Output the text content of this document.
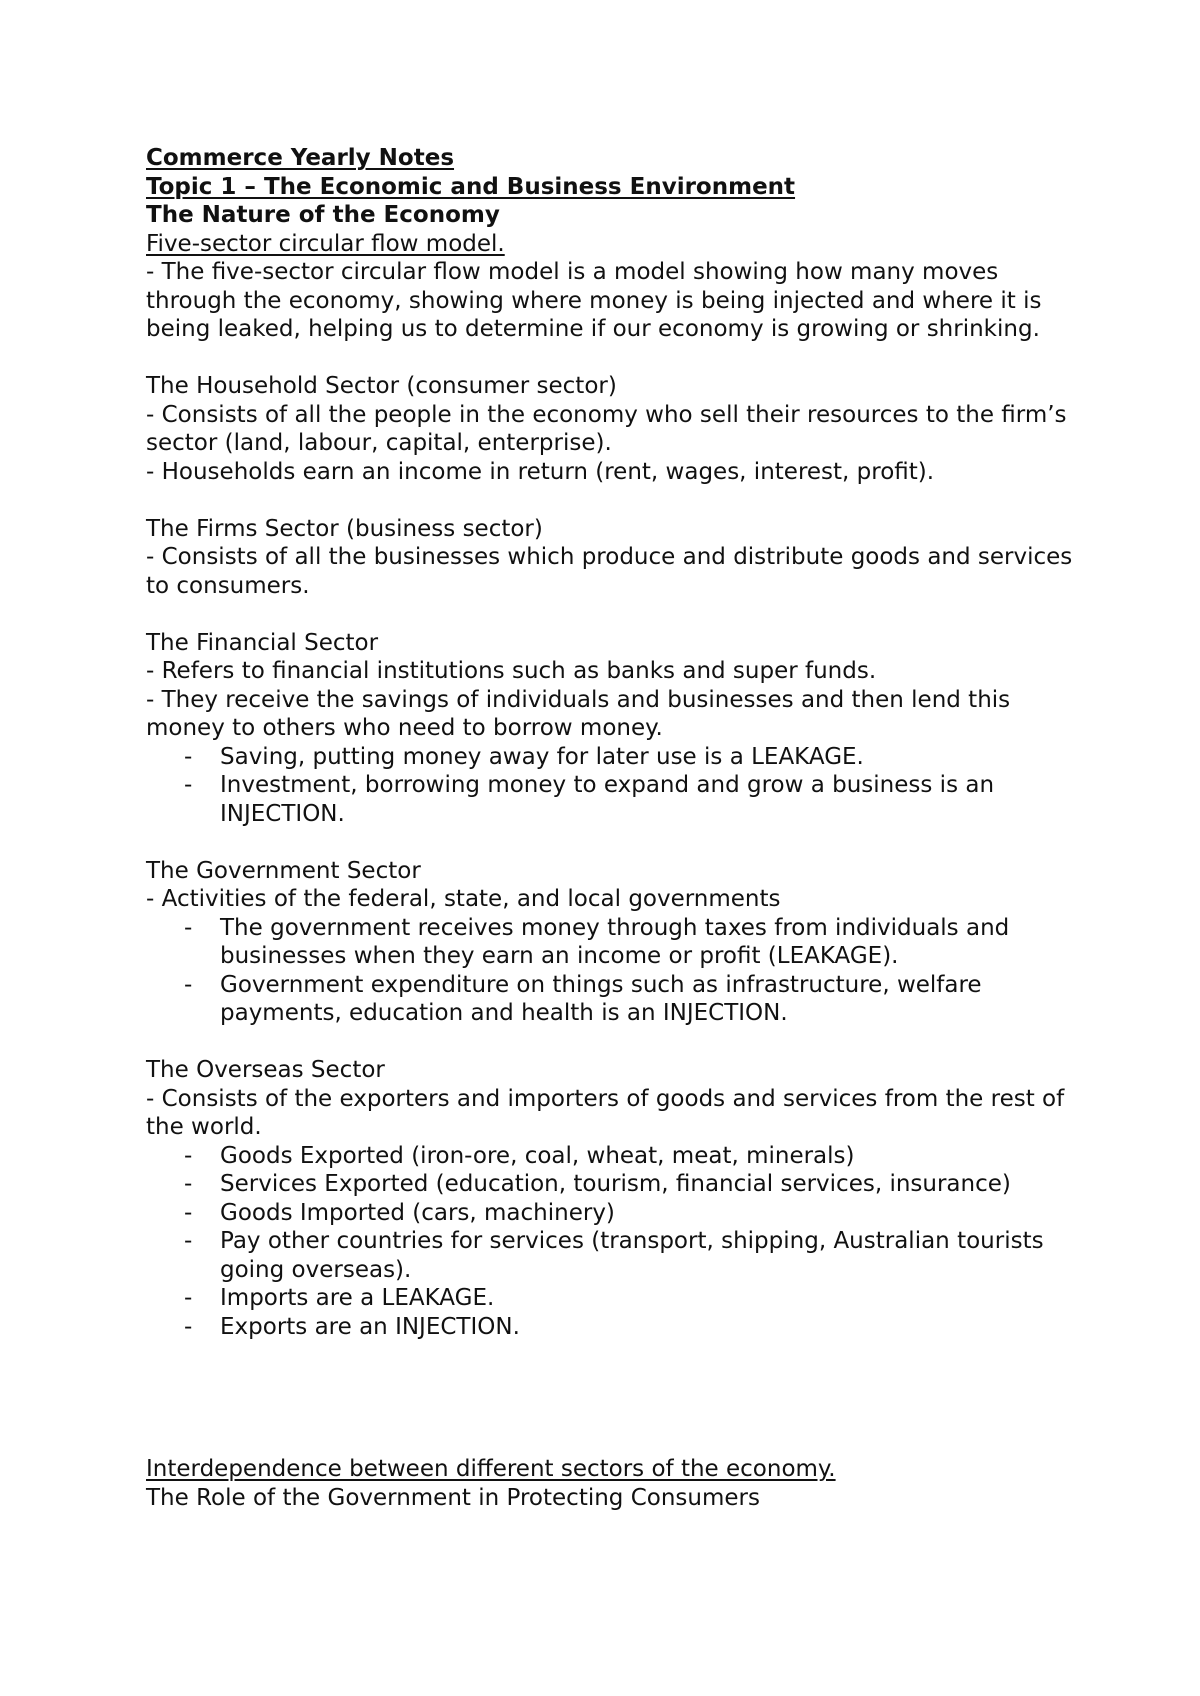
Commerce Yearly Notes

Topic 1 – The Economic and Business Environment

The Nature of the Economy

Five-sector circular flow model.

- The five-sector circular flow model is a model showing how many moves through the economy, showing where money is being injected and where it is being leaked, helping us to determine if our economy is growing or shrinking.

The Household Sector (consumer sector)

- Consists of all the people in the economy who sell their resources to the firm’s sector (land, labour, capital, enterprise).

- Households earn an income in return (rent, wages, interest, profit).

The Firms Sector (business sector)

- Consists of all the businesses which produce and distribute goods and services to consumers.

The Financial Sector

- Refers to financial institutions such as banks and super funds.

- They receive the savings of individuals and businesses and then lend this money to others who need to borrow money.

- Saving, putting money away for later use is a LEAKAGE.
- Investment, borrowing money to expand and grow a business is an INJECTION.

The Government Sector

- Activities of the federal, state, and local governments

- The government receives money through taxes from individuals and businesses when they earn an income or profit (LEAKAGE).
- Government expenditure on things such as infrastructure, welfare payments, education and health is an INJECTION.

The Overseas Sector

- Consists of the exporters and importers of goods and services from the rest of the world.

- Goods Exported (iron-ore, coal, wheat, meat, minerals)
- Services Exported (education, tourism, financial services, insurance)
- Goods Imported (cars, machinery)
- Pay other countries for services (transport, shipping, Australian tourists going overseas).
- Imports are a LEAKAGE.
- Exports are an INJECTION.

Interdependence between different sectors of the economy.

The Role of the Government in Protecting Consumers
